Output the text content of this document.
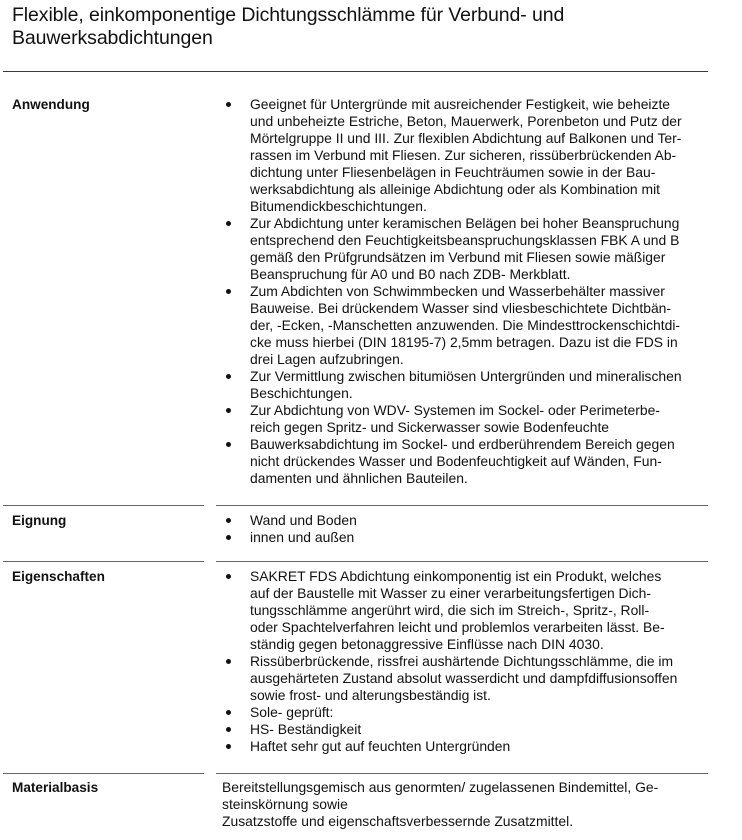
Flexible, einkomponentige Dichtungsschlämme für Verbund- und
Bauwerksabdichtungen
Anwendung	Geeignet für Untergründe mit ausreichender Festigkeit, wie beheizte
und unbeheizte Estriche, Beton, Mauerwerk, Porenbeton und Putz der
Mörtelgruppe II und III. Zur flexiblen Abdichtung auf Balkonen und Ter-
rassen im Verbund mit Fliesen. Zur sicheren, rissüberbrückenden Ab-
dichtung unter Fliesenbelägen in Feuchträumen sowie in der Bau-
werksabdichtung als alleinige Abdichtung oder als Kombination mit
Bitumendickbeschichtungen.
Zur Abdichtung unter keramischen Belägen bei hoher Beanspruchung
entsprechend den Feuchtigkeitsbeanspruchungsklassen FBK A und B
gemäß den Prüfgrundsätzen im Verbund mit Fliesen sowie mäßiger
Beanspruchung für A0 und B0 nach ZDB- Merkblatt.
Zum Abdichten von Schwimmbecken und Wasserbehälter massiver
Bauweise. Bei drückendem Wasser sind vliesbeschichtete Dichtbän-
der, -Ecken, -Manschetten anzuwenden. Die Mindesttrockenschichtdi-
cke muss hierbei (DIN 18195-7) 2,5mm betragen. Dazu ist die FDS in
drei Lagen aufzubringen.
Zur Vermittlung zwischen bitumiösen Untergründen und mineralischen
Beschichtungen.
Zur Abdichtung von WDV- Systemen im Sockel- oder Perimeterbe-
reich gegen Spritz- und Sickerwasser sowie Bodenfeuchte
Bauwerksabdichtung im Sockel- und erdberührendem Bereich gegen
nicht drückendes Wasser und Bodenfeuchtigkeit auf Wänden, Fun-
damenten und ähnlichen Bauteilen.
Eignung	Wand und Boden
innen und außen
Eigenschaften	SAKRET FDS Abdichtung einkomponentig ist ein Produkt, welches
auf der Baustelle mit Wasser zu einer verarbeitungsfertigen Dich-
tungsschlämme angerührt wird, die sich im Streich-, Spritz-, Roll-
oder Spachtelverfahren leicht und problemlos verarbeiten lässt. Be-
ständig gegen betonaggressive Einflüsse nach DIN 4030.
Rissüberbrückende, rissfrei aushärtende Dichtungsschlämme, die im
ausgehärteten Zustand absolut wasserdicht und dampfdiffusionsoffen
sowie frost- und alterungsbeständig ist.
Sole- geprüft:
HS- Beständigkeit
Haftet sehr gut auf feuchten Untergründen
Materialbasis	Bereitstellungsgemisch aus genormten/ zugelassenen Bindemittel, Ge-
steinskörnung sowie
Zusatzstoffe und eigenschaftsverbessernde Zusatzmittel.
